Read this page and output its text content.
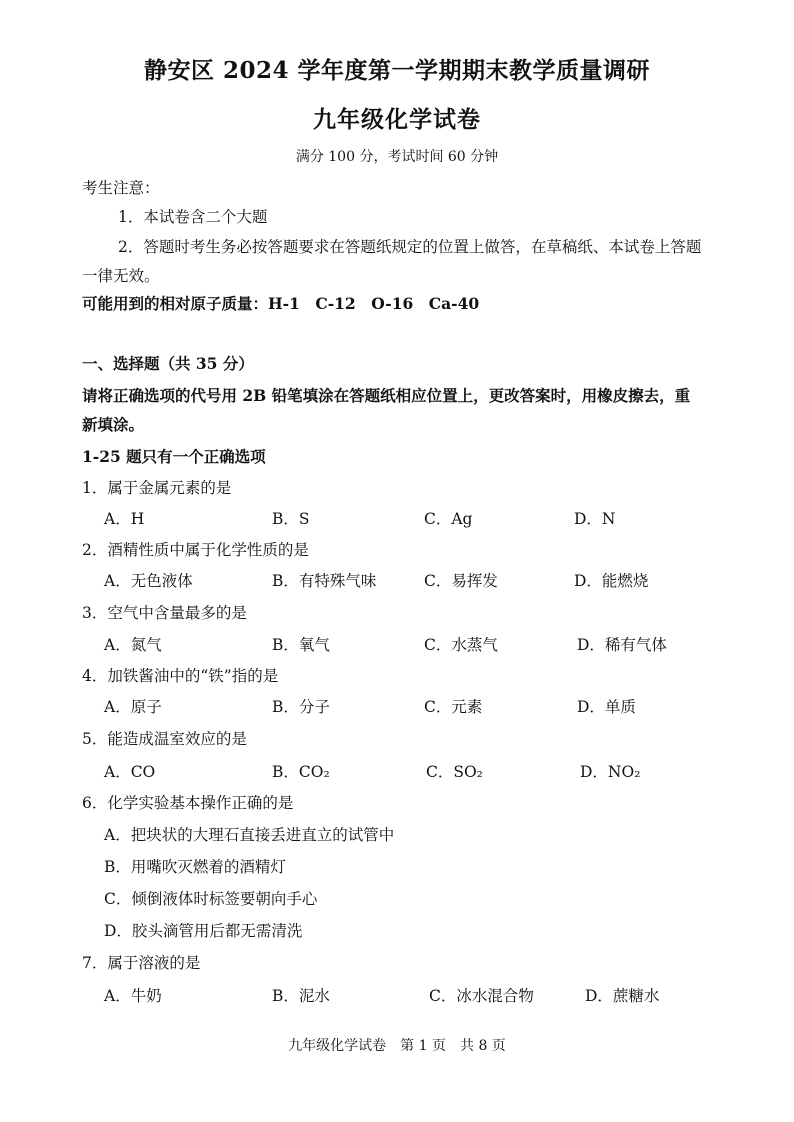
静安区 2024 学年度第一学期期末教学质量调研
九年级化学试卷
满分 100 分，考试时间 60 分钟
考生注意：
1．本试卷含二个大题
2．答题时考生务必按答题要求在答题纸规定的位置上做答，在草稿纸、本试卷上答题
一律无效。
可能用到的相对原子质量：H-1　C-12　O-16　Ca-40
一、选择题（共 35 分）
请将正确选项的代号用 2B 铅笔填涂在答题纸相应位置上，更改答案时，用橡皮擦去，重
新填涂。
1-25 题只有一个正确选项
1．属于金属元素的是
A．H	B．S	C．Ag	D．N
2．酒精性质中属于化学性质的是
A．无色液体	B．有特殊气味	C．易挥发	D．能燃烧
3．空气中含量最多的是
A．氮气	B．氧气	C．水蒸气	D．稀有气体
4．加铁酱油中的“铁”指的是
A．原子	B．分子	C．元素	D．单质
5．能造成温室效应的是
A．CO	B．CO₂	C．SO₂	D．NO₂
6．化学实验基本操作正确的是
A．把块状的大理石直接丢进直立的试管中
B．用嘴吹灭燃着的酒精灯
C．倾倒液体时标签要朝向手心
D．胶头滴管用后都无需清洗
7．属于溶液的是
A．牛奶	B．泥水	C．冰水混合物	D．蔗糖水
九年级化学试卷　第 1 页　共 8 页
